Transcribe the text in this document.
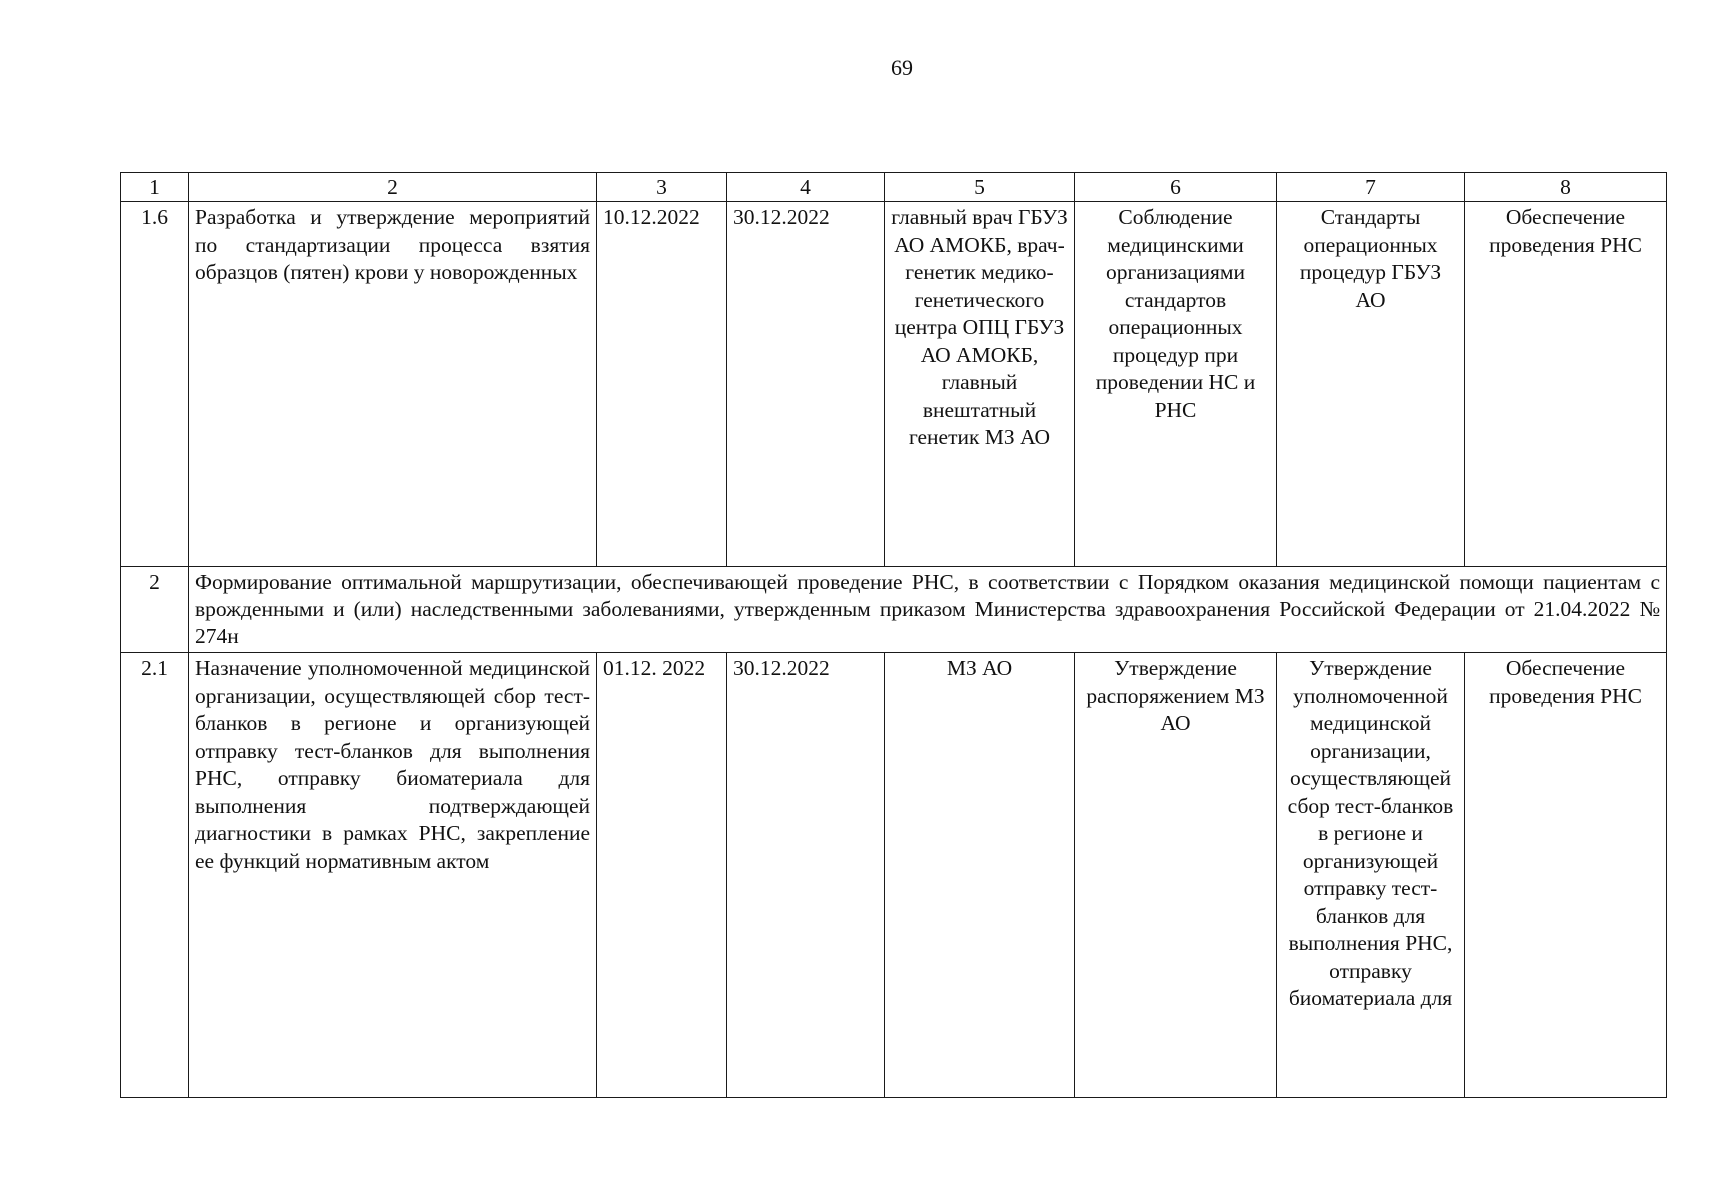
69
1	2	3	4	5	6	7	8
1.6	Разработка и утверждение мероприятий по стандартизации процесса взятия образцов (пятен) крови у новорожденных	10.12.2022	30.12.2022	главный врач ГБУЗ АО АМОКБ, врач-генетик медико-генетического центра ОПЦ ГБУЗ АО АМОКБ, главный внештатный генетик МЗ АО	Соблюдение медицинскими организациями стандартов операционных процедур при проведении НС и РНС	Стандарты операционных процедур ГБУЗ АО	Обеспечение проведения РНС
2	Формирование оптимальной маршрутизации, обеспечивающей проведение РНС, в соответствии с Порядком оказания медицинской помощи пациентам с врожденными и (или) наследственными заболеваниями, утвержденным приказом Министерства здравоохранения Российской Федерации от 21.04.2022 № 274н						
2.1	Назначение уполномоченной медицинской организации, осуществляющей сбор тест-бланков в регионе и организующей отправку тест-бланков для выполнения РНС, отправку биоматериала для выполнения подтверждающей диагностики в рамках РНС, закрепление ее функций нормативным актом	01.12. 2022	30.12.2022	МЗ АО	Утверждение распоряжением МЗ АО	Утверждение уполномоченной медицинской организации, осуществляющей сбор тест-бланков в регионе и организующей отправку тест-бланков для выполнения РНС, отправку биоматериала для	Обеспечение проведения РНС
